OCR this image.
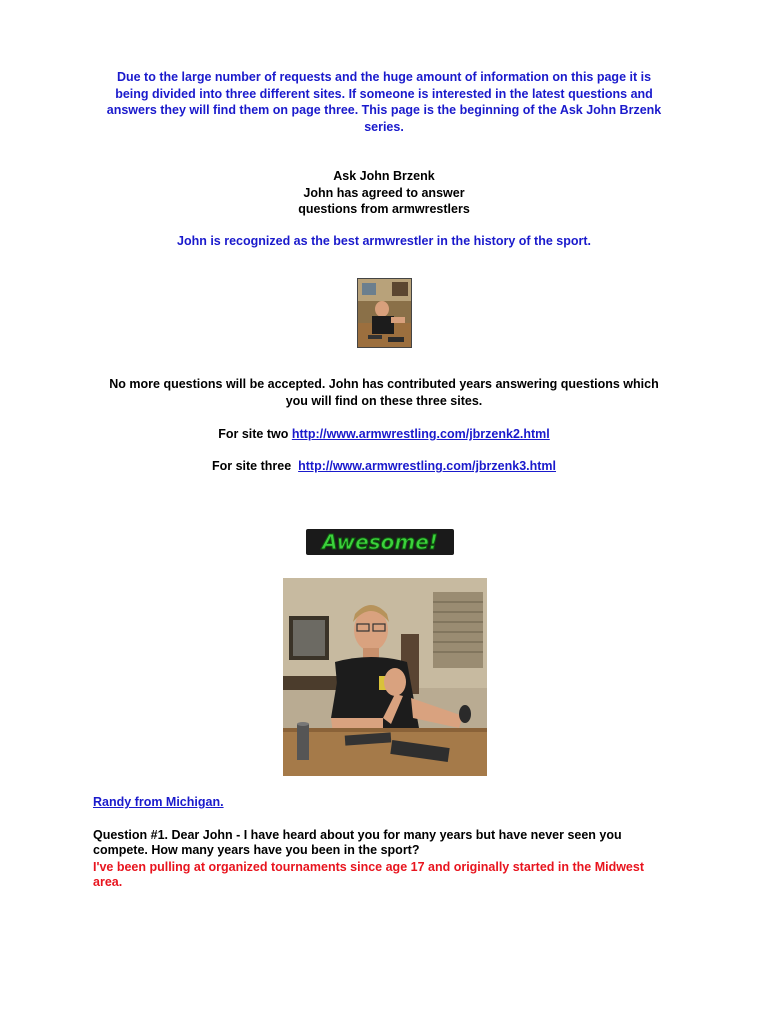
Due to the large number of requests and the huge amount of information on this page it is
being divided into three different sites. If someone is interested in the latest questions and
answers they will find them on page three. This page is the beginning of the Ask John Brzenk
series.
Ask John Brzenk
John has agreed to answer
questions from armwrestlers
John is recognized as the best armwrestler in the history of the sport.
No more questions will be accepted. John has contributed years answering questions which
you will find on these three sites.
For site two http://www.armwrestling.com/jbrzenk2.html
For site three  http://www.armwrestling.com/jbrzenk3.html
Awesome!
Randy from Michigan.
Question #1. Dear John - I have heard about you for many years but have never seen you
compete. How many years have you been in the sport?
I've been pulling at organized tournaments since age 17 and originally started in the Midwest
area.
